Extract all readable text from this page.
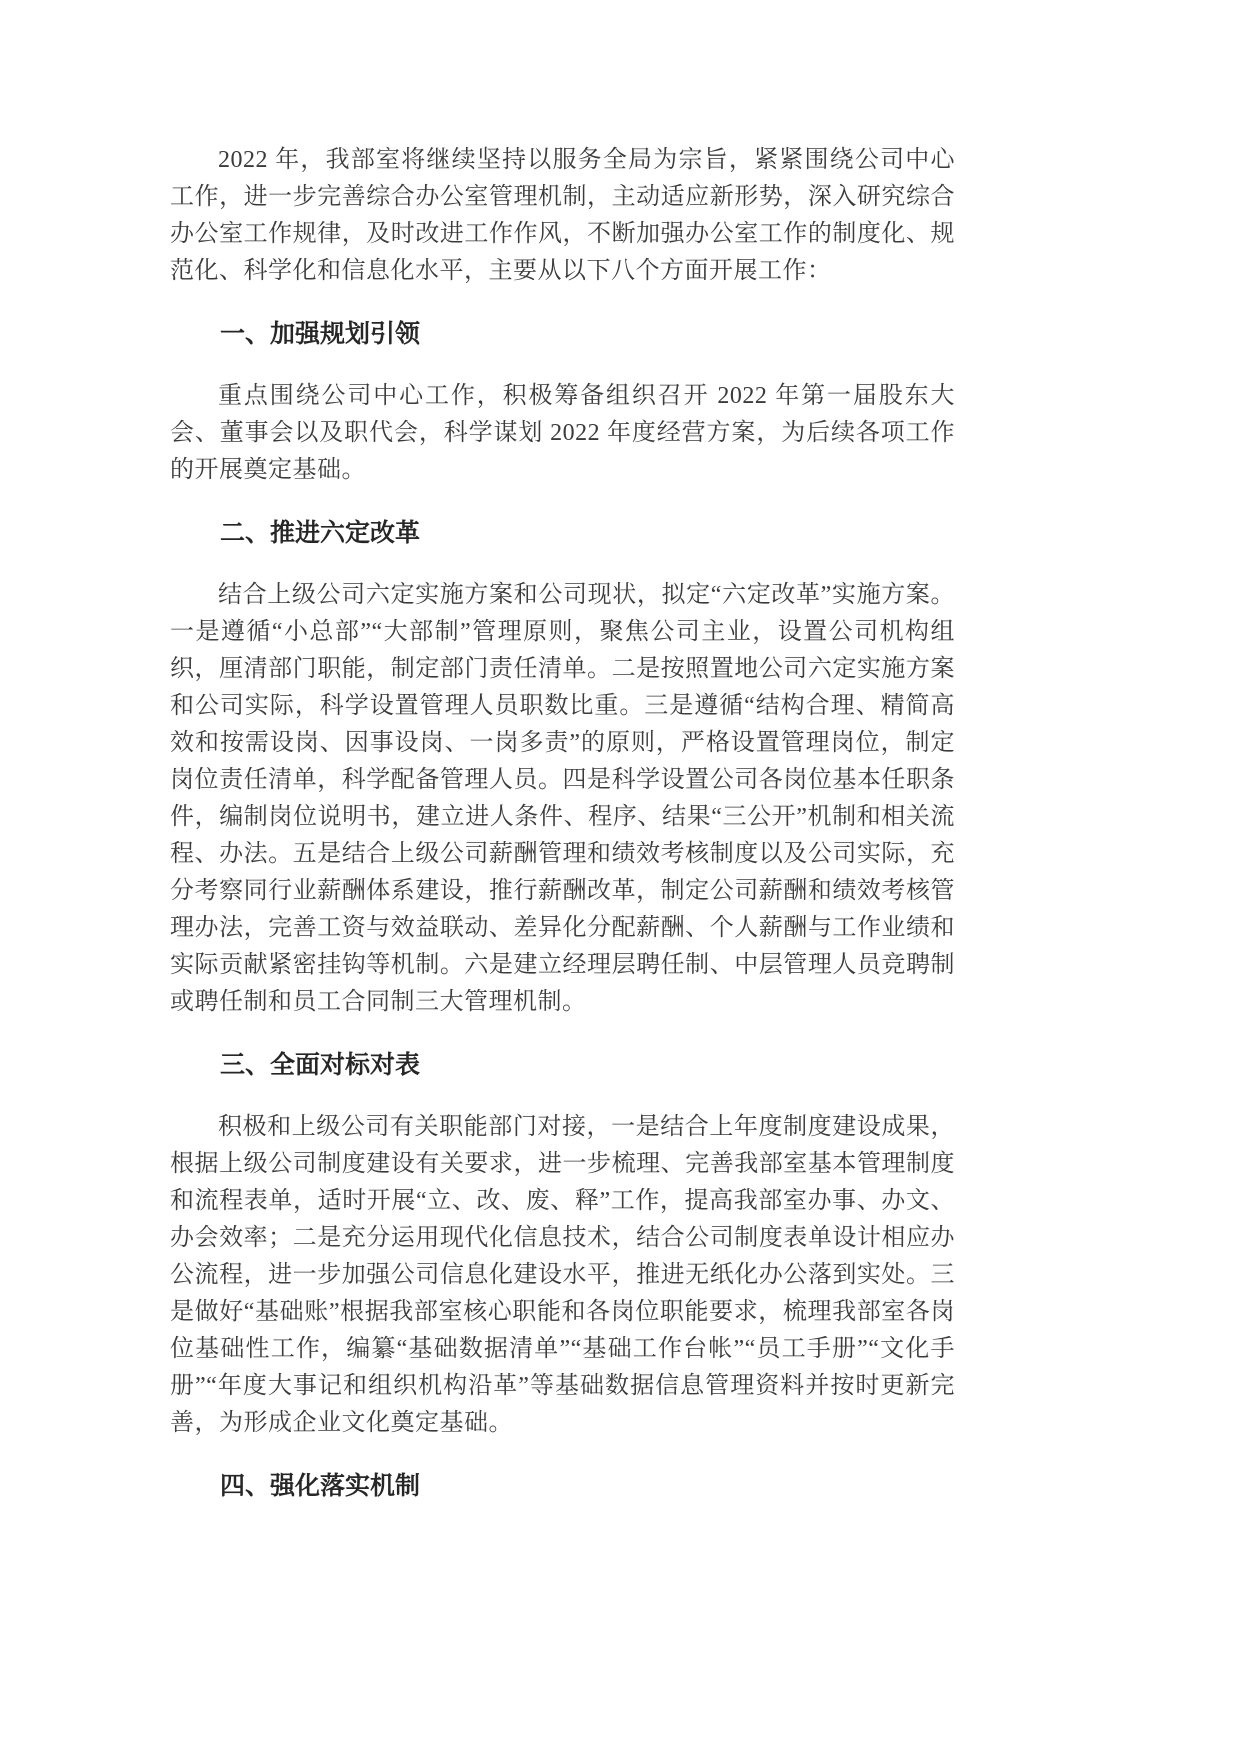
2022 年，我部室将继续坚持以服务全局为宗旨，紧紧围绕公司中心工作，进一步完善综合办公室管理机制，主动适应新形势，深入研究综合办公室工作规律，及时改进工作作风，不断加强办公室工作的制度化、规范化、科学化和信息化水平，主要从以下八个方面开展工作：

一、加强规划引领

重点围绕公司中心工作，积极筹备组织召开 2022 年第一届股东大会、董事会以及职代会，科学谋划 2022 年度经营方案，为后续各项工作的开展奠定基础。

二、推进六定改革

结合上级公司六定实施方案和公司现状，拟定“六定改革”实施方案。一是遵循“小总部”“大部制”管理原则，聚焦公司主业，设置公司机构组织，厘清部门职能，制定部门责任清单。二是按照置地公司六定实施方案和公司实际，科学设置管理人员职数比重。三是遵循“结构合理、精简高效和按需设岗、因事设岗、一岗多责”的原则，严格设置管理岗位，制定岗位责任清单，科学配备管理人员。四是科学设置公司各岗位基本任职条件，编制岗位说明书，建立进人条件、程序、结果“三公开”机制和相关流程、办法。五是结合上级公司薪酬管理和绩效考核制度以及公司实际，充分考察同行业薪酬体系建设，推行薪酬改革，制定公司薪酬和绩效考核管理办法，完善工资与效益联动、差异化分配薪酬、个人薪酬与工作业绩和实际贡献紧密挂钩等机制。六是建立经理层聘任制、中层管理人员竞聘制或聘任制和员工合同制三大管理机制。

三、全面对标对表

积极和上级公司有关职能部门对接，一是结合上年度制度建设成果，根据上级公司制度建设有关要求，进一步梳理、完善我部室基本管理制度和流程表单，适时开展“立、改、废、释”工作，提高我部室办事、办文、办会效率；二是充分运用现代化信息技术，结合公司制度表单设计相应办公流程，进一步加强公司信息化建设水平，推进无纸化办公落到实处。三是做好“基础账”根据我部室核心职能和各岗位职能要求，梳理我部室各岗位基础性工作，编纂“基础数据清单”“基础工作台帐”“员工手册”“文化手册”“年度大事记和组织机构沿革”等基础数据信息管理资料并按时更新完善，为形成企业文化奠定基础。

四、强化落实机制
